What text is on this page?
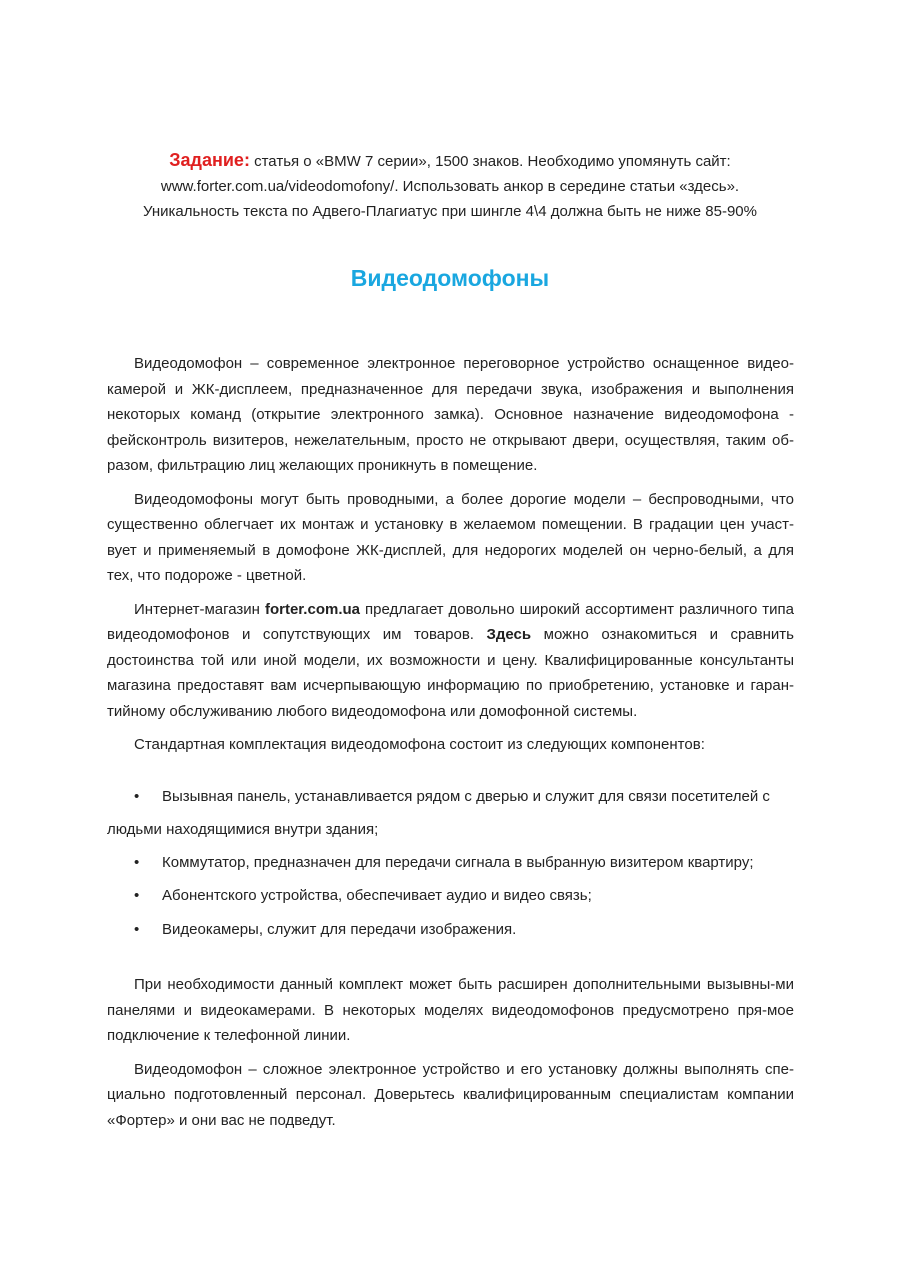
Задание: статья о «BMW 7 серии», 1500 знаков. Необходимо упомянуть сайт:
www.forter.com.ua/videodomofony/. Использовать анкор в середине статьи «здесь».
Уникальность текста по Адвего-Плагиатус при шингле 4\4 должна быть не ниже 85-90%
Видеодомофоны

Видеодомофон – современное электронное переговорное устройство оснащенное видео-камерой и ЖК-дисплеем, предназначенное для передачи звука, изображения и выполнения некоторых команд (открытие электронного замка). Основное назначение видеодомофона - фейсконтроль визитеров, нежелательным, просто не открывают двери, осуществляя, таким об-разом, фильтрацию лиц желающих проникнуть в помещение.

Видеодомофоны могут быть проводными, а более дорогие модели – беспроводными, что существенно облегчает их монтаж и установку в желаемом помещении. В градации цен участ-вует и применяемый в домофоне ЖК-дисплей, для недорогих моделей он черно-белый, а для тех, что подороже - цветной.

Интернет-магазин forter.com.ua предлагает довольно широкий ассортимент различного типа видеодомофонов и сопутствующих им товаров. Здесь можно ознакомиться и сравнить достоинства той или иной модели, их возможности и цену. Квалифицированные консультанты магазина предоставят вам исчерпывающую информацию по приобретению, установке и гаран-тийному обслуживанию любого видеодомофона или домофонной системы.

Стандартная комплектация видеодомофона состоит из следующих компонентов:

• Вызывная панель, устанавливается рядом с дверью и служит для связи посетителей с людьми находящимися внутри здания;
• Коммутатор, предназначен для передачи сигнала в выбранную визитером квартиру;
• Абонентского устройства, обеспечивает аудио и видео связь;
• Видеокамеры, служит для передачи изображения.

При необходимости данный комплект может быть расширен дополнительными вызывны-ми панелями и видеокамерами. В некоторых моделях видеодомофонов предусмотрено пря-мое подключение к телефонной линии.

Видеодомофон – сложное электронное устройство и его установку должны выполнять спе-циально подготовленный персонал. Доверьтесь квалифицированным специалистам компании «Фортер» и они вас не подведут.
